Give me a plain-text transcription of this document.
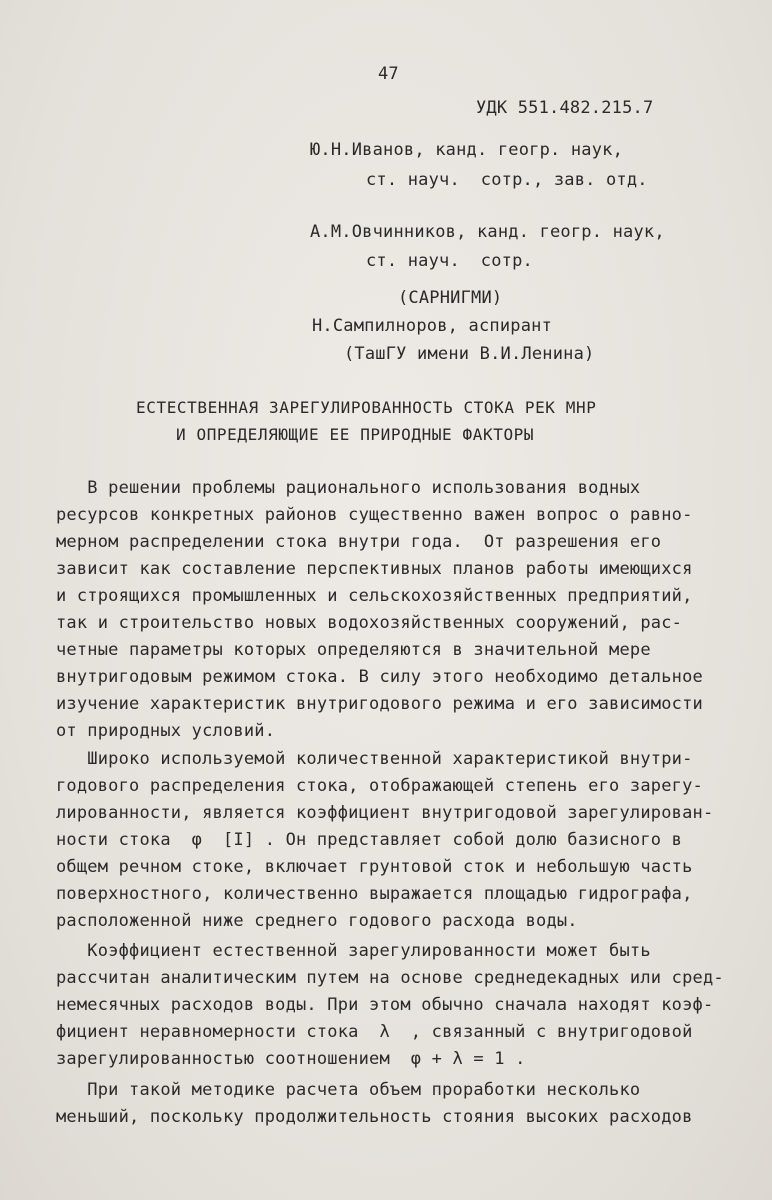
47
УДК 551.482.215.7
Ю.Н.Иванов, канд. геогр. наук,
ст. науч.  сотр., зав. отд.
А.М.Овчинников, канд. геогр. наук,
ст. науч.  сотр.
(САРНИГМИ)
Н.Сампилноров, аспирант
(ТашГУ имени В.И.Ленина)
ЕСТЕСТВЕННАЯ ЗАРЕГУЛИРОВАННОСТЬ СТОКА РЕК МНР
И ОПРЕДЕЛЯЮЩИЕ ЕЕ ПРИРОДНЫЕ ФАКТОРЫ
В решении проблемы рационального использования водных
ресурсов конкретных районов существенно важен вопрос о равно-
мерном распределении стока внутри года.  От разрешения его
зависит как составление перспективных планов работы имеющихся
и строящихся промышленных и сельскохозяйственных предприятий,
так и строительство новых водохозяйственных сооружений, рас-
четные параметры которых определяются в значительной мере
внутригодовым режимом стока. В силу этого необходимо детальное
изучение характеристик внутригодового режима и его зависимости
от природных условий.
Широко используемой количественной характеристикой внутри-
годового распределения стока, отображающей степень его зарегу-
лированности, является коэффициент внутригодовой зарегулирован-
ности стока  φ  [I] . Он представляет собой долю базисного в
общем речном стоке, включает грунтовой сток и небольшую часть
поверхностного, количественно выражается площадью гидрографа,
расположенной ниже среднего годового расхода воды.
Коэффициент естественной зарегулированности может быть
рассчитан аналитическим путем на основе среднедекадных или сред-
немесячных расходов воды. При этом обычно сначала находят коэф-
фициент неравномерности стока  λ  , связанный с внутригодовой
зарегулированностью соотношением  φ + λ = 1 .
При такой методике расчета объем проработки несколько
меньший, поскольку продолжительность стояния высоких расходов
